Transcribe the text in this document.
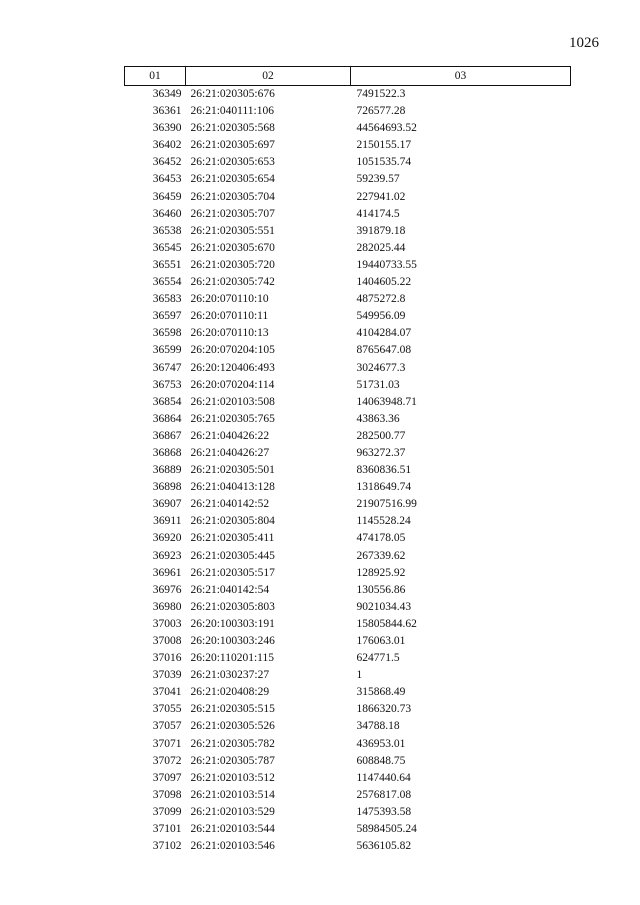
1026
01	02	03
36349	26:21:020305:676	7491522.3
36361	26:21:040111:106	726577.28
36390	26:21:020305:568	44564693.52
36402	26:21:020305:697	2150155.17
36452	26:21:020305:653	1051535.74
36453	26:21:020305:654	59239.57
36459	26:21:020305:704	227941.02
36460	26:21:020305:707	414174.5
36538	26:21:020305:551	391879.18
36545	26:21:020305:670	282025.44
36551	26:21:020305:720	19440733.55
36554	26:21:020305:742	1404605.22
36583	26:20:070110:10	4875272.8
36597	26:20:070110:11	549956.09
36598	26:20:070110:13	4104284.07
36599	26:20:070204:105	8765647.08
36747	26:20:120406:493	3024677.3
36753	26:20:070204:114	51731.03
36854	26:21:020103:508	14063948.71
36864	26:21:020305:765	43863.36
36867	26:21:040426:22	282500.77
36868	26:21:040426:27	963272.37
36889	26:21:020305:501	8360836.51
36898	26:21:040413:128	1318649.74
36907	26:21:040142:52	21907516.99
36911	26:21:020305:804	1145528.24
36920	26:21:020305:411	474178.05
36923	26:21:020305:445	267339.62
36961	26:21:020305:517	128925.92
36976	26:21:040142:54	130556.86
36980	26:21:020305:803	9021034.43
37003	26:20:100303:191	15805844.62
37008	26:20:100303:246	176063.01
37016	26:20:110201:115	624771.5
37039	26:21:030237:27	1
37041	26:21:020408:29	315868.49
37055	26:21:020305:515	1866320.73
37057	26:21:020305:526	34788.18
37071	26:21:020305:782	436953.01
37072	26:21:020305:787	608848.75
37097	26:21:020103:512	1147440.64
37098	26:21:020103:514	2576817.08
37099	26:21:020103:529	1475393.58
37101	26:21:020103:544	58984505.24
37102	26:21:020103:546	5636105.82
